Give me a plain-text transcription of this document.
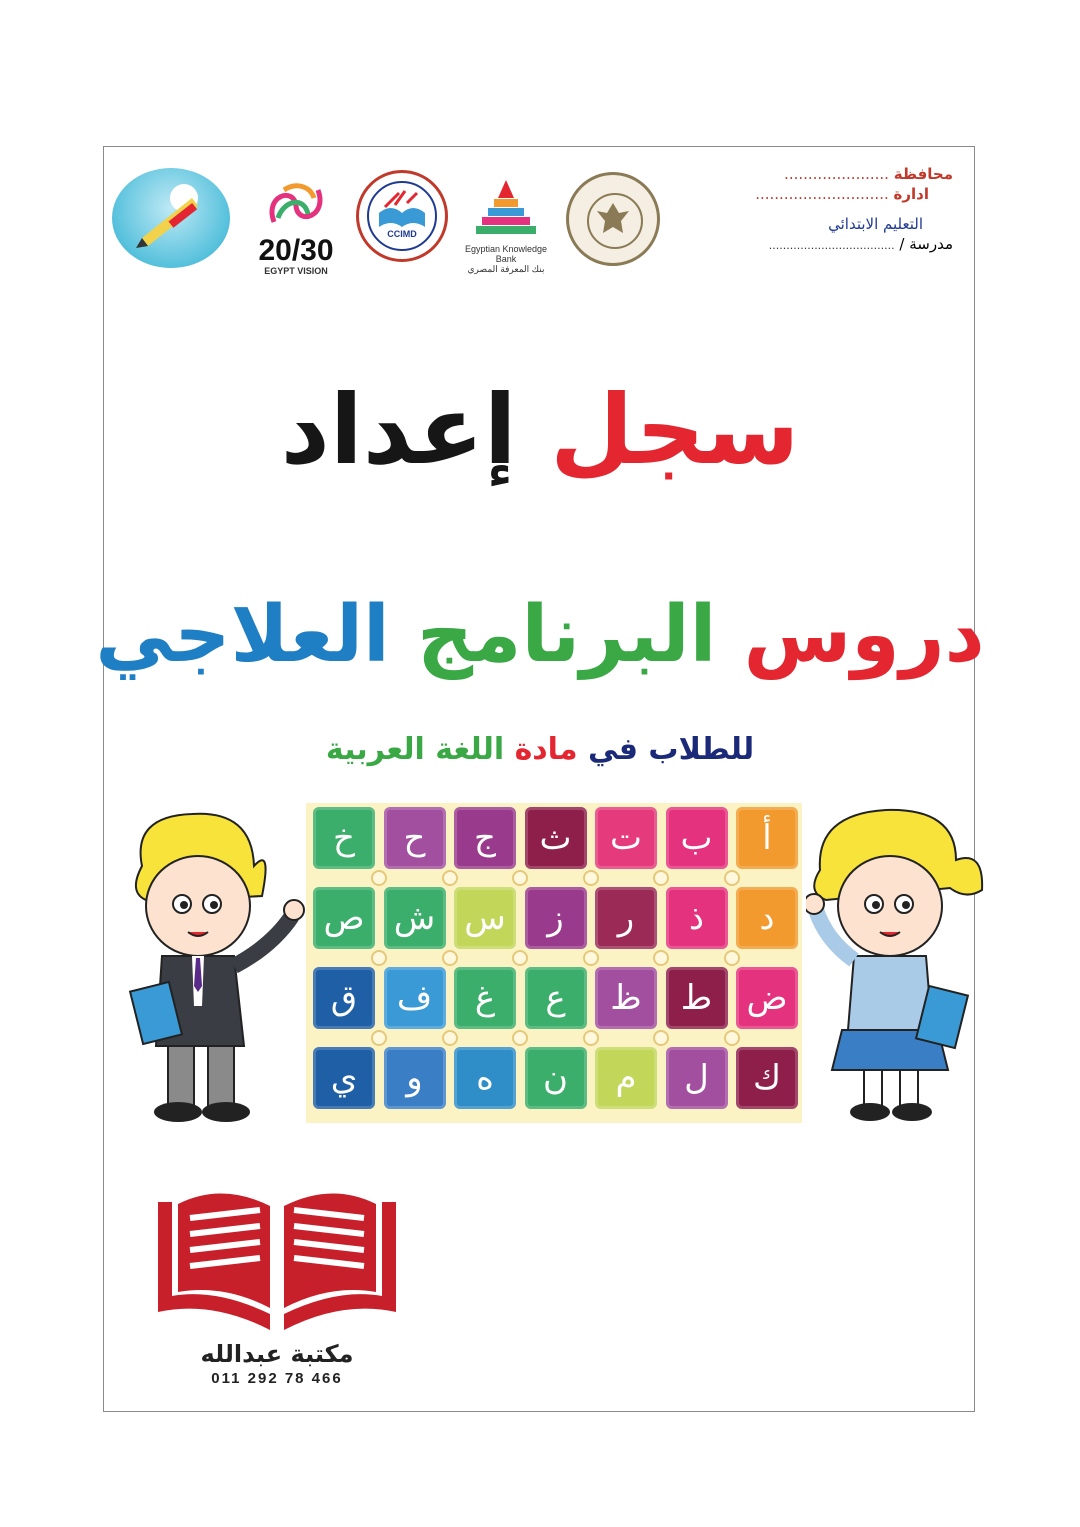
محافظة ......................
ادارة ............................
التعليم الابتدائي
مدرسة / ....................................
Egyptian Knowledge Bank
بنك المعرفة المصري
CCIMD
20/30
EGYPT VISION
سجل إعداد
دروس البرنامج العلاجي
للطلاب في مادة اللغة العربية
أ
ب
ت
ث
ج
ح
خ
د
ذ
ر
ز
س
ش
ص
ض
ط
ظ
ع
غ
ف
ق
ك
ل
م
ن
ه
و
ي
مكتبة عبدالله
011 292 78 466
